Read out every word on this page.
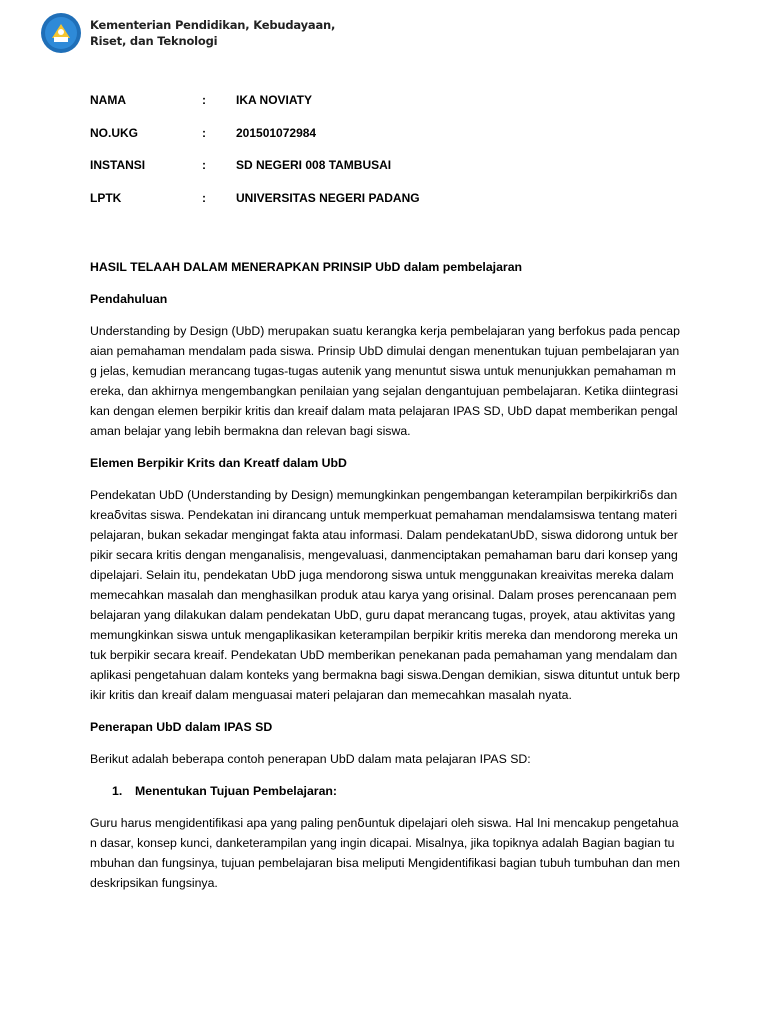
Kementerian Pendidikan, Kebudayaan,
Riset, dan Teknologi
NAMA	:	IKA NOVIATY
NO.UKG	:	201501072984
INSTANSI	:	SD NEGERI 008 TAMBUSAI
LPTK	:	UNIVERSITAS NEGERI PADANG
HASIL TELAAH DALAM MENERAPKAN PRINSIP UbD dalam pembelajaran
Pendahuluan

Understanding by Design (UbD) merupakan suatu kerangka kerja pembelajaran yang berfokus pada pencapaian pemahaman mendalam pada siswa. Prinsip UbD dimulai dengan menentukan tujuan pembelajaran yang jelas, kemudian merancang tugas-tugas autenik yang menuntut siswa untuk menunjukkan pemahaman mereka, dan akhirnya mengembangkan penilaian yang sejalan dengantujuan pembelajaran. Ketika diintegrasikan dengan elemen berpikir kritis dan kreaif dalam mata pelajaran IPAS SD, UbD dapat memberikan pengalaman belajar yang lebih bermakna dan relevan bagi siswa.

Elemen Berpikir Krits dan Kreatf dalam UbD

Pendekatan UbD (Understanding by Design) memungkinkan pengembangan keterampilan berpikirkriẟs dan kreaẟvitas siswa. Pendekatan ini dirancang untuk memperkuat pemahaman mendalamsiswa tentang materi pelajaran, bukan sekadar mengingat fakta atau informasi. Dalam pendekatanUbD, siswa didorong untuk berpikir secara kritis dengan menganalisis, mengevaluasi, danmenciptakan pemahaman baru dari konsep yang dipelajari. Selain itu, pendekatan UbD juga mendorong siswa untuk menggunakan kreaivitas mereka dalam memecahkan masalah dan menghasilkan produk atau karya yang orisinal. Dalam proses perencanaan pembelajaran yang dilakukan dalam pendekatan UbD, guru dapat merancang tugas, proyek, atau aktivitas yangmemungkinkan siswa untuk mengaplikasikan keterampilan berpikir kritis mereka dan mendorong mereka untuk berpikir secara kreaif. Pendekatan UbD memberikan penekanan pada pemahaman yang mendalam dan aplikasi pengetahuan dalam konteks yang bermakna bagi siswa.Dengan demikian, siswa dituntut untuk berpikir kritis dan kreaif dalam menguasai materi pelajaran dan memecahkan masalah nyata.

Penerapan UbD dalam IPAS SD

Berikut adalah beberapa contoh penerapan UbD dalam mata pelajaran IPAS SD:

1.	Menentukan Tujuan Pembelajaran:

Guru harus mengidentifikasi apa yang paling penẟuntuk dipelajari oleh siswa. Hal Ini mencakup pengetahuan dasar, konsep kunci, danketerampilan yang ingin dicapai. Misalnya, jika topiknya adalah Bagian bagian tumbuhan dan fungsinya, tujuan pembelajaran bisa meliputi Mengidentifikasi bagian tubuh tumbuhan dan mendeskripsikan fungsinya.
